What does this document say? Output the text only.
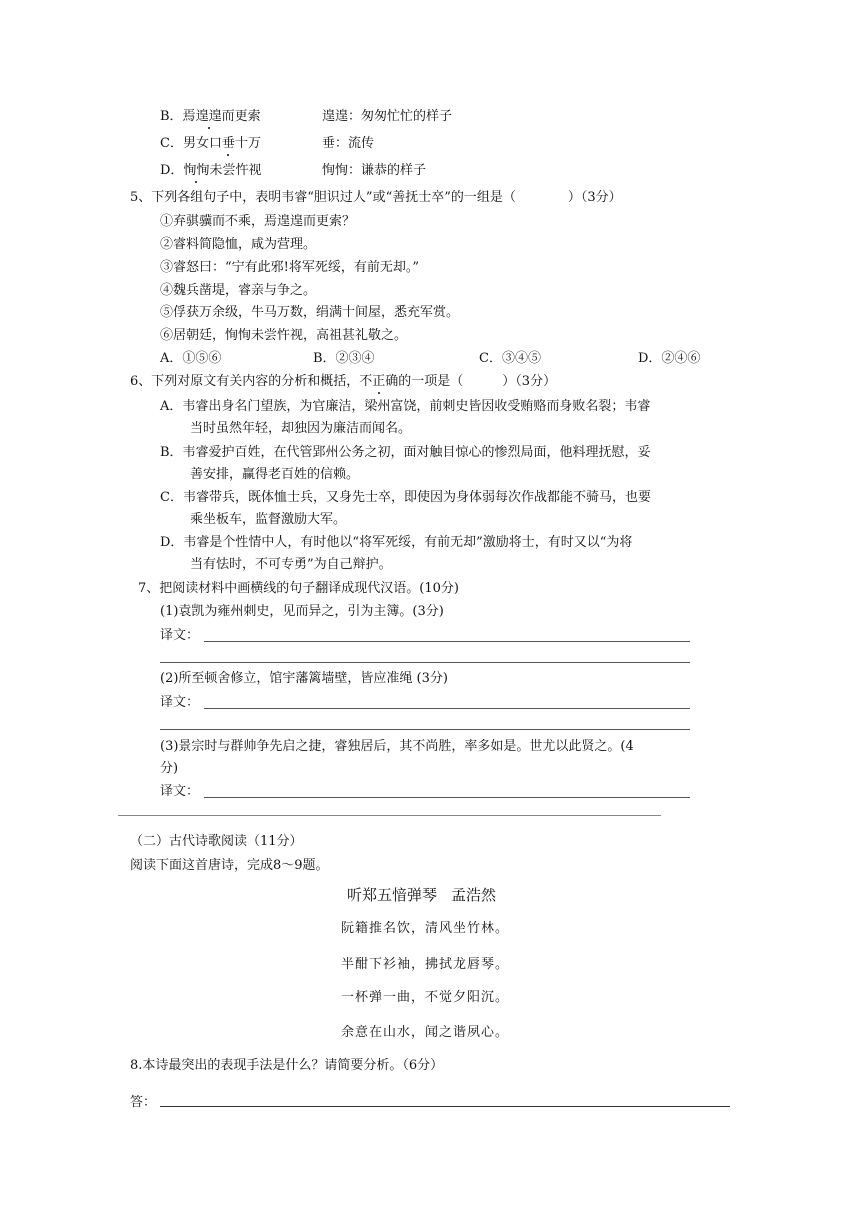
B．焉遑遑而更索	遑遑：匆匆忙忙的样子
C．男女口垂十万	垂：流传
D．恂恂未尝忤视	恂恂：谦恭的样子
5、下列各组句子中，表明韦睿“胆识过人”或“善抚士卒”的一组是（　　　　）（3分）
①弃骐骥而不乘，焉遑遑而更索？
②睿料简隐恤，咸为营理。
③睿怒曰：“宁有此邪!将军死绥，有前无却。”
④魏兵凿堤，睿亲与争之。
⑤俘获万余级，牛马万数，绢满十间屋，悉充军赏。
⑥居朝廷，恂恂未尝忤视，高祖甚礼敬之。
A．①⑤⑥	B．②③④	C．③④⑤	D．②④⑥
6、下列对原文有关内容的分析和概括，不正确的一项是（　　　）（3分）
A．韦睿出身名门望族，为官廉洁，梁州富饶，前刺史皆因收受贿赂而身败名裂；韦睿
当时虽然年轻，却独因为廉洁而闻名。
B．韦睿爱护百姓，在代管郢州公务之初，面对触目惊心的惨烈局面，他料理抚慰，妥
善安排，赢得老百姓的信赖。
C．韦睿带兵，既体恤士兵，又身先士卒，即使因为身体弱每次作战都能不骑马，也要
乘坐板车，监督激励大军。
D．韦睿是个性情中人，有时他以“将军死绥，有前无却”激励将士，有时又以“为将
当有怯时，不可专勇”为自己辩护。
7、把阅读材料中画横线的句子翻译成现代汉语。(10分)
(1)袁凯为雍州刺史，见而异之，引为主簿。(3分)
译文：
(2)所至顿舍修立，馆宇藩篱墙壁，皆应准绳 (3分)
译文：
(3)景宗时与群帅争先启之捷，睿独居后，其不尚胜，率多如是。世尤以此贤之。(4
分)
译文：
（二）古代诗歌阅读（11分）
阅读下面这首唐诗，完成8～9题。
听郑五愔弹琴 孟浩然
阮籍推名饮，清风坐竹林。
半酣下衫袖，拂拭龙唇琴。
一杯弹一曲，不觉夕阳沉。
余意在山水，闻之谐夙心。
8.本诗最突出的表现手法是什么？请简要分析。（6分）
答：
